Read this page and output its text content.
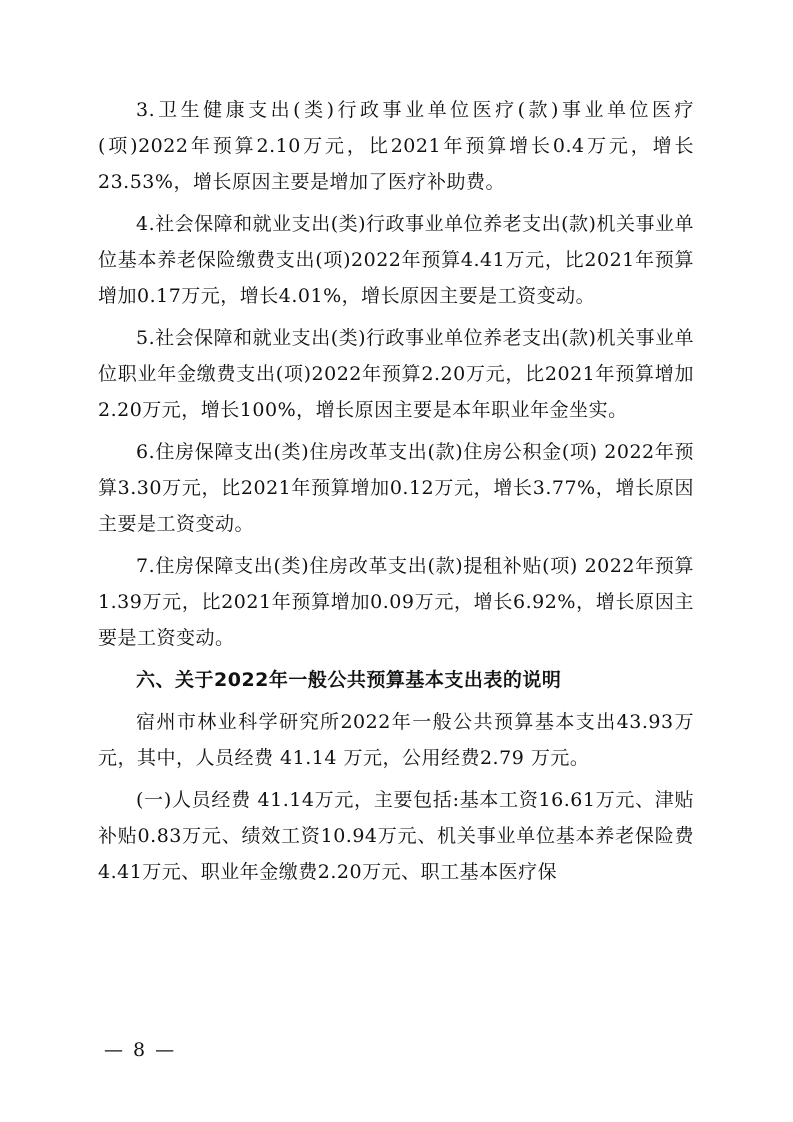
3.卫生健康支出(类)行政事业单位医疗(款)事业单位医疗(项)2022年预算2.10万元，比2021年预算增长0.4万元，增长23.53%，增长原因主要是增加了医疗补助费。

4.社会保障和就业支出(类)行政事业单位养老支出(款)机关事业单位基本养老保险缴费支出(项)2022年预算4.41万元，比2021年预算增加0.17万元，增长4.01%，增长原因主要是工资变动。

5.社会保障和就业支出(类)行政事业单位养老支出(款)机关事业单位职业年金缴费支出(项)2022年预算2.20万元，比2021年预算增加2.20万元，增长100%，增长原因主要是本年职业年金坐实。

6.住房保障支出(类)住房改革支出(款)住房公积金(项) 2022年预算3.30万元，比2021年预算增加0.12万元，增长3.77%，增长原因主要是工资变动。

7.住房保障支出(类)住房改革支出(款)提租补贴(项) 2022年预算1.39万元，比2021年预算增加0.09万元，增长6.92%，增长原因主要是工资变动。

六、关于2022年一般公共预算基本支出表的说明

宿州市林业科学研究所2022年一般公共预算基本支出43.93万元，其中，人员经费 41.14 万元，公用经费2.79 万元。

(一)人员经费 41.14万元，主要包括:基本工资16.61万元、津贴补贴0.83万元、绩效工资10.94万元、机关事业单位基本养老保险费4.41万元、职业年金缴费2.20万元、职工基本医疗保

— 8 —
